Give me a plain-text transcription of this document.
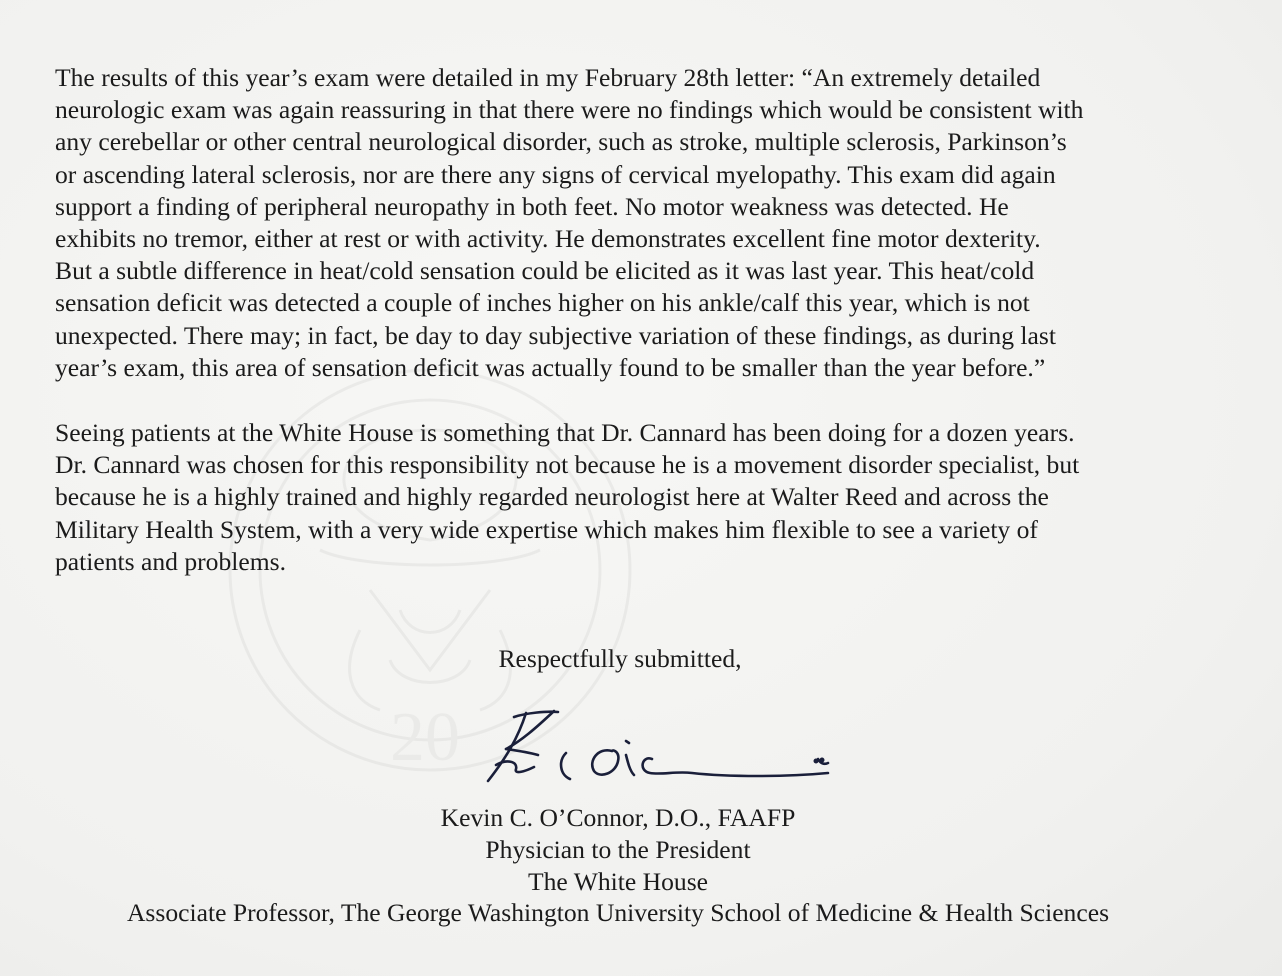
20

The results of this year’s exam were detailed in my February 28th letter: “An extremely detailed
neurologic exam was again reassuring in that there were no findings which would be consistent with
any cerebellar or other central neurological disorder, such as stroke, multiple sclerosis, Parkinson’s
or ascending lateral sclerosis, nor are there any signs of cervical myelopathy. This exam did again
support a finding of peripheral neuropathy in both feet. No motor weakness was detected. He
exhibits no tremor, either at rest or with activity. He demonstrates excellent fine motor dexterity.
But a subtle difference in heat/cold sensation could be elicited as it was last year. This heat/cold
sensation deficit was detected a couple of inches higher on his ankle/calf this year, which is not
unexpected. There may; in fact, be day to day subjective variation of these findings, as during last
year’s exam, this area of sensation deficit was actually found to be smaller than the year before.”

Seeing patients at the White House is something that Dr. Cannard has been doing for a dozen years.
Dr. Cannard was chosen for this responsibility not because he is a movement disorder specialist, but
because he is a highly trained and highly regarded neurologist here at Walter Reed and across the
Military Health System, with a very wide expertise which makes him flexible to see a variety of
patients and problems.

Respectfully submitted,
Kevin C. O’Connor, D.O., FAAFP
Physician to the President
The White House
Associate Professor, The George Washington University School of Medicine & Health Sciences
